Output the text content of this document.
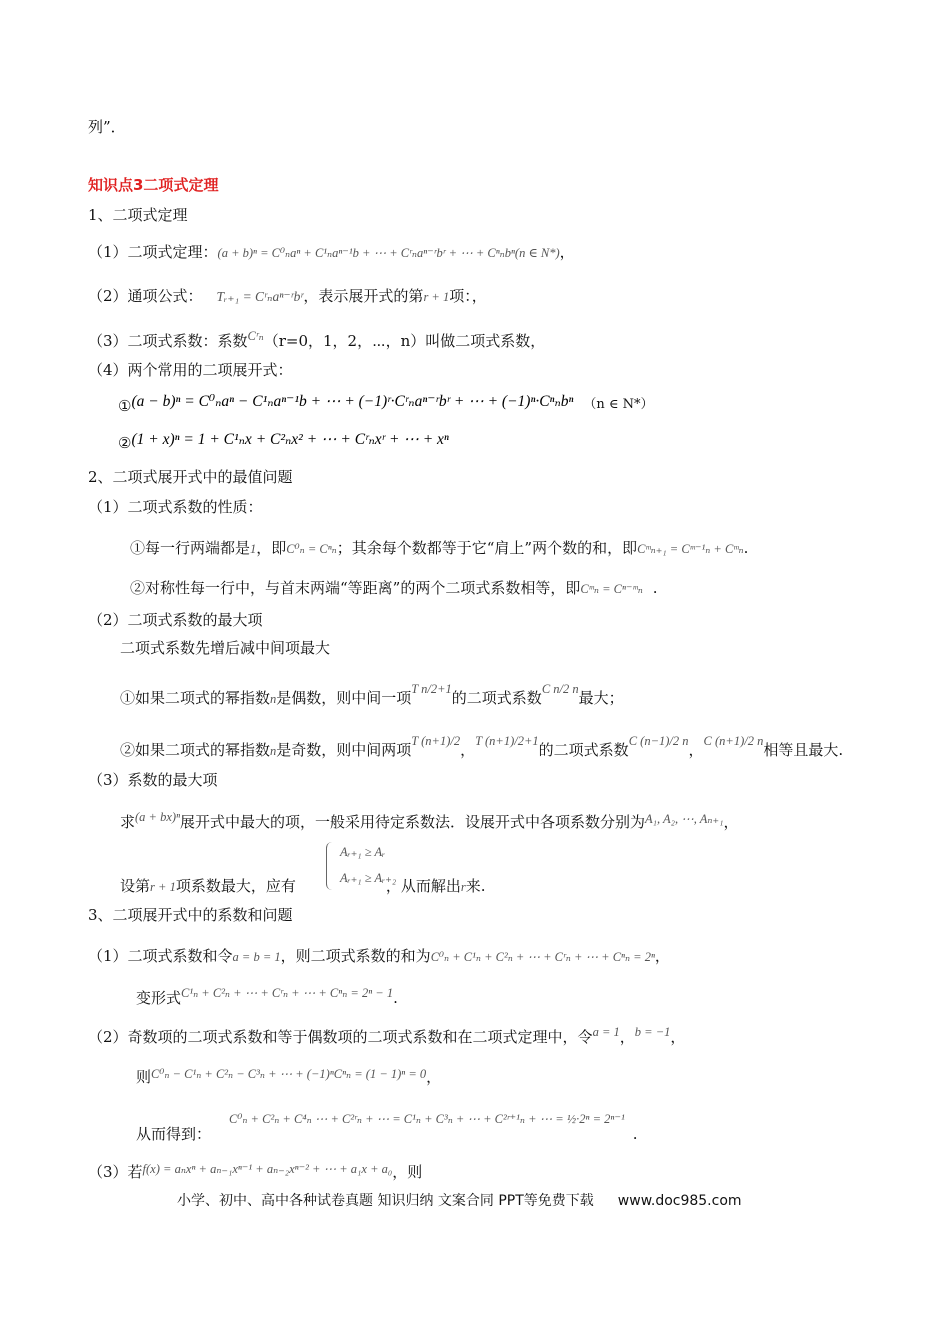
列”．
知识点3二项式定理
1、二项式定理
（1）二项式定理：(a + b)ⁿ = C⁰ₙaⁿ + C¹ₙaⁿ⁻¹b + ⋯ + Cʳₙaⁿ⁻ʳbʳ + ⋯ + Cⁿₙbⁿ(n ∈ N*)，
（2）通项公式： Tᵣ₊₁ = Cʳₙaⁿ⁻ʳbʳ，表示展开式的第r + 1项：，
（3）二项式系数：系数$^{Cʳ_n}$（r=0，1，2，⋯，n）叫做二项式系数，
（4）两个常用的二项展开式：
①(a − b)ⁿ = C⁰ₙaⁿ − C¹ₙaⁿ⁻¹b + ⋯ + (−1)ʳ·Cʳₙaⁿ⁻ʳbʳ + ⋯ + (−1)ⁿ·Cⁿₙbⁿ （n ∈ N*）
②(1 + x)ⁿ = 1 + C¹ₙx + C²ₙx² + ⋯ + Cʳₙxʳ + ⋯ + xⁿ
2、二项式展开式中的最值问题
（1）二项式系数的性质：
①每一行两端都是1，即C⁰ₙ = Cⁿₙ；其余每个数都等于它“肩上”两个数的和，即Cᵐₙ₊₁ = Cᵐ⁻¹ₙ + Cᵐₙ.
②对称性每一行中，与首末两端“等距离”的两个二项式系数相等，即Cᵐₙ = Cⁿ⁻ᵐₙ .
（2）二项式系数的最大项
二项式系数先增后减中间项最大
①如果二项式的幂指数n是偶数，则中间一项$^{T n/2+1}$的二项式系数$^{C n/2 n}$最大；
②如果二项式的幂指数n是奇数，则中间两项$^{T (n+1)/2}$，$^{T (n+1)/2+1}$的二项式系数$^{C (n-1)/2 n}$，$^{C (n+1)/2 n}$相等且最大.
（3）系数的最大项
求$^{(a + bx)^n}$展开式中最大的项，一般采用待定系数法．设展开式中各项系数分别为$^{A_1, A_2, \cdots, A_{n+1}}$，
Aᵣ₊₁ ≥ Aᵣ
Aᵣ₊₁ ≥ Aᵣ₊₂
设第r + 1项系数最大，应有	，从而解出r来.
3、二项展开式中的系数和问题
（1）二项式系数和令a = b = 1，则二项式系数的和为C⁰ₙ + C¹ₙ + C²ₙ + ⋯ + Cʳₙ + ⋯ + Cⁿₙ = 2ⁿ，
变形式$^{C^1_n + C^2_n + \cdots + Cʳ_n + \cdots + C^n_n = 2^n - 1}$.
（2）奇数项的二项式系数和等于偶数项的二项式系数和在二项式定理中，令$^{a = 1}$，$^{b = -1}$，
则$^{C^0_n - C^1_n + C^2_n - C^3_n + \cdots + (-1)^nC^n_n = (1 - 1)^n = 0}$，
从而得到：$^{C^0_n + C^2_n + C^4_n \cdots + C^2ʳ_n + \cdots = C^1_n + C^3_n + \cdots + C^2ʳ^{+1}_n + \cdots = \frac{1}{2}\cdot 2^n = 2^{n-1}}$.
（3）若$^{f(x) = a_nx^n + a_{n-1}x^{n-1} + a_{n-2}x^{n-2} + \cdots + a_1x + a_0}$，则
小学、初中、高中各种试卷真题 知识归纳 文案合同 PPT等免费下载 www.doc985.com
